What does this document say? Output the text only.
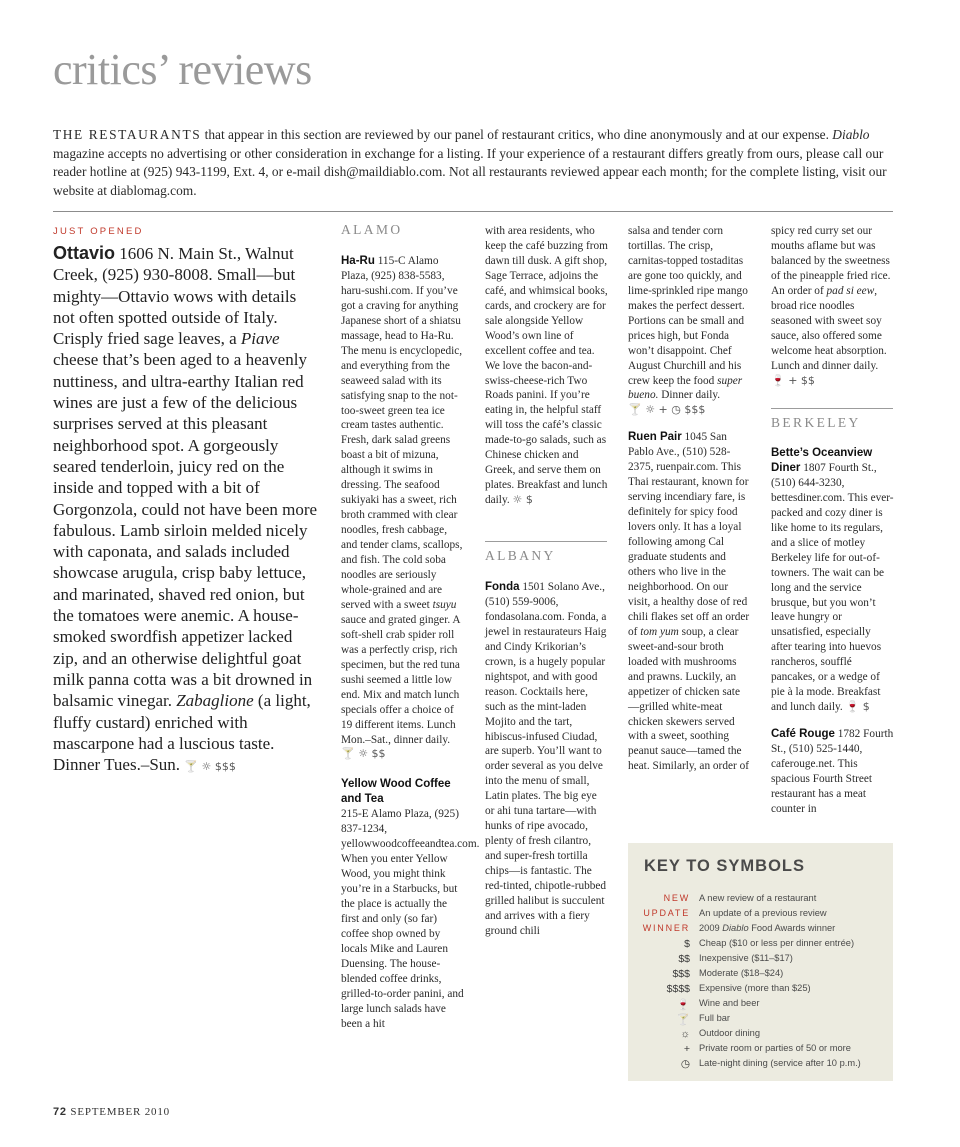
critics’ reviews
THE RESTAURANTS that appear in this section are reviewed by our panel of restaurant critics, who dine anonymously and at our expense. Diablo magazine accepts no advertising or other consideration in exchange for a listing. If your experience of a restaurant differs greatly from ours, please call our reader hotline at (925) 943-1199, Ext. 4, or e-mail dish@maildiablo.com. Not all restaurants reviewed appear each month; for the complete listing, visit our website at diablomag.com.
JUST OPENED
Ottavio 1606 N. Main St., Walnut Creek, (925) 930-8008. Small—but mighty—Ottavio wows with details not often spotted outside of Italy. Crisply fried sage leaves, a Piave cheese that’s been aged to a heavenly nuttiness, and ultra-earthy Italian red wines are just a few of the delicious surprises served at this pleasant neighborhood spot. A gorgeously seared tenderloin, juicy red on the inside and topped with a bit of Gorgonzola, could not have been more fabulous. Lamb sirloin melded nicely with caponata, and salads included showcase arugula, crisp baby lettuce, and marinated, shaved red onion, but the tomatoes were anemic. A house-smoked swordfish appetizer lacked zip, and an otherwise delightful goat milk panna cotta was a bit drowned in balsamic vinegar. Zabaglione (a light, fluffy custard) enriched with mascarpone had a luscious taste. Dinner Tues.–Sun. 🍸 ☼ $$$
ALAMO

Ha-Ru 115-C Alamo Plaza, (925) 838-5583, haru-sushi.com. If you’ve got a craving for anything Japanese short of a shiatsu massage, head to Ha-Ru. The menu is encyclopedic, and everything from the seaweed salad with its satisfying snap to the not-too-sweet green tea ice cream tastes authentic. Fresh, dark salad greens boast a bit of mizuna, although it swims in dressing. The seafood sukiyaki has a sweet, rich broth crammed with clear noodles, fresh cabbage, and tender clams, scallops, and fish. The cold soba noodles are seriously whole-grained and are served with a sweet tsuyu sauce and grated ginger. A soft-shell crab spider roll was a perfectly crisp, rich specimen, but the red tuna sushi seemed a little low end. Mix and match lunch specials offer a choice of 19 different items. Lunch Mon.–Sat., dinner daily.
🍸 ☼ $$

Yellow Wood Coffee and Tea
215-E Alamo Plaza, (925) 837-1234, yellowwoodcoffeeandtea.com. When you enter Yellow Wood, you might think you’re in a Starbucks, but the place is actually the first and only (so far) coffee shop owned by locals Mike and Lauren Duensing. The house-blended coffee drinks, grilled-to-order panini, and large lunch salads have been a hit

with area residents, who keep the café buzzing from dawn till dusk. A gift shop, Sage Terrace, adjoins the café, and whimsical books, cards, and crockery are for sale alongside Yellow Wood’s own line of excellent coffee and tea. We love the bacon-and-swiss-cheese-rich Two Roads panini. If you’re eating in, the helpful staff will toss the café’s classic made-to-go salads, such as Chinese chicken and Greek, and serve them on plates. Breakfast and lunch daily. ☼ $

ALBANY

Fonda 1501 Solano Ave., (510) 559-9006, fondasolana.com. Fonda, a jewel in restaurateurs Haig and Cindy Krikorian’s crown, is a hugely popular nightspot, and with good reason. Cocktails here, such as the mint-laden Mojito and the tart, hibiscus-infused Ciudad, are superb. You’ll want to order several as you delve into the menu of small, Latin plates. The big eye or ahi tuna tartare—with hunks of ripe avocado, plenty of fresh cilantro, and super-fresh tortilla chips—is fantastic. The red-tinted, chipotle-rubbed grilled halibut is succulent and arrives with a fiery ground chili

salsa and tender corn tortillas. The crisp, carnitas-topped tostaditas are gone too quickly, and lime-sprinkled ripe mango makes the perfect dessert. Portions can be small and prices high, but Fonda won’t disappoint. Chef August Churchill and his crew keep the food super bueno. Dinner daily.
🍸 ☼ + ◷ $$$

Ruen Pair 1045 San Pablo Ave., (510) 528-2375, ruenpair.com. This Thai restaurant, known for serving incendiary fare, is definitely for spicy food lovers only. It has a loyal following among Cal graduate students and others who live in the neighborhood. On our visit, a healthy dose of red chili flakes set off an order of tom yum soup, a clear sweet-and-sour broth loaded with mushrooms and prawns. Luckily, an appetizer of chicken sate—grilled white-meat chicken skewers served with a sweet, soothing peanut sauce—tamed the heat. Similarly, an order of

spicy red curry set our mouths aflame but was balanced by the sweetness of the pineapple fried rice. An order of pad si eew, broad rice noodles seasoned with sweet soy sauce, also offered some welcome heat absorption. Lunch and dinner daily. 🍷 + $$

BERKELEY

Bette’s Oceanview Diner 1807 Fourth St., (510) 644-3230, bettesdiner.com. This ever-packed and cozy diner is like home to its regulars, and a slice of motley Berkeley life for out-of-towners. The wait can be long and the service brusque, but you won’t leave hungry or unsatisfied, especially after tearing into huevos rancheros, soufflé pancakes, or a wedge of pie à la mode. Breakfast and lunch daily. 🍷 $

Café Rouge 1782 Fourth St., (510) 525-1440, caferouge.net. This spacious Fourth Street restaurant has a meat counter in

KEY TO SYMBOLS
NEW A new review of a restaurant
UPDATE An update of a previous review
WINNER 2009 Diablo Food Awards winner
$ Cheap ($10 or less per dinner entrée)
$$ Inexpensive ($11–$17)
$$$ Moderate ($18–$24)
$$$$ Expensive (more than $25)
🍷 Wine and beer
🍸 Full bar
☼ Outdoor dining
+ Private room or parties of 50 or more
◷ Late-night dining (service after 10 p.m.)
72 SEPTEMBER 2010
